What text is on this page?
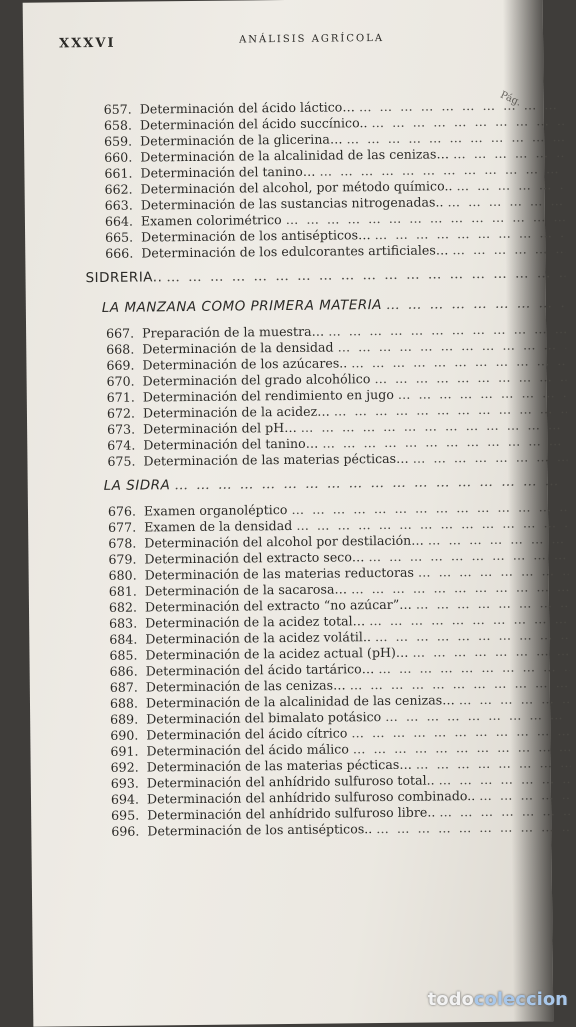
XXXVI	ANÁLISIS AGRÍCOLA
657. Determinación del ácido láctico… … … … … … … … …
658. Determinación del ácido succínico.. … … … … … … … …
659. Determinación de la glicerina… … … … … … … … … …
660. Determinación de la alcalinidad de las cenizas… … … … …
661. Determinación del tanino… … … … … … … … … … …
662. Determinación del alcohol, por método químico.. … … … …
663. Determinación de las sustancias nitrogenadas.. … … … …
664. Examen colorimétrico … … … … … … … … … … … …
665. Determinación de los antisépticos… … … … … … … … …
666. Determinación de los edulcorantes artificiales… … … … …
SIDRERIA.. … … … … … … … … … … … … … … … … …
LA MANZANA COMO PRIMERA MATERIA … … … … … … … …
667. Preparación de la muestra… … … … … … … … … … …
668. Determinación de la densidad … … … … … … … … … …
669. Determinación de los azúcares.. … … … … … … … … …
670. Determinación del grado alcohólico … … … … … … … …
671. Determinación del rendimiento en jugo … … … … … … …
672. Determinación de la acidez… … … … … … … … … … … …
673. Determinación del pH… … … … … … … … … … … …
674. Determinación del tanino… … … … … … … … … … …
675. Determinación de las materias pécticas… … … … … … …
LA SIDRA … … … … … … … … … … … … … … … …
676. Examen organoléptico … … … … … … … … … … … …
677. Examen de la densidad … … … … … … … … … … … …
678. Determinación del alcohol por destilación… … … … … …
679. Determinación del extracto seco… … … … … … … … …
680. Determinación de las materias reductoras … … … … … … …
681. Determinación de la sacarosa… … … … … … … … … …
682. Determinación del extracto “no azúcar”… … … … … … …
683. Determinación de la acidez total… … … … … … … … …
684. Determinación de la acidez volátil.. … … … … … … … …
685. Determinación de la acidez actual (pH)… … … … … … …
686. Determinación del ácido tartárico… … … … … … … … …
687. Determinación de las cenizas… … … … … … … … … …
688. Determinación de la alcalinidad de las cenizas… … … … …
689. Determinación del bimalato potásico … … … … … … …
690. Determinación del ácido cítrico … … … … … … … … …
691. Determinación del ácido málico … … … … … … … … …
692. Determinación de las materias pécticas… … … … … … …
693. Determinación del anhídrido sulfuroso total.. … … … … …
694. Determinación del anhídrido sulfuroso combinado.. … … …
695. Determinación del anhídrido sulfuroso libre.. … … … … …
696. Determinación de los antisépticos.. … … … … … … … …
todocoleccion
